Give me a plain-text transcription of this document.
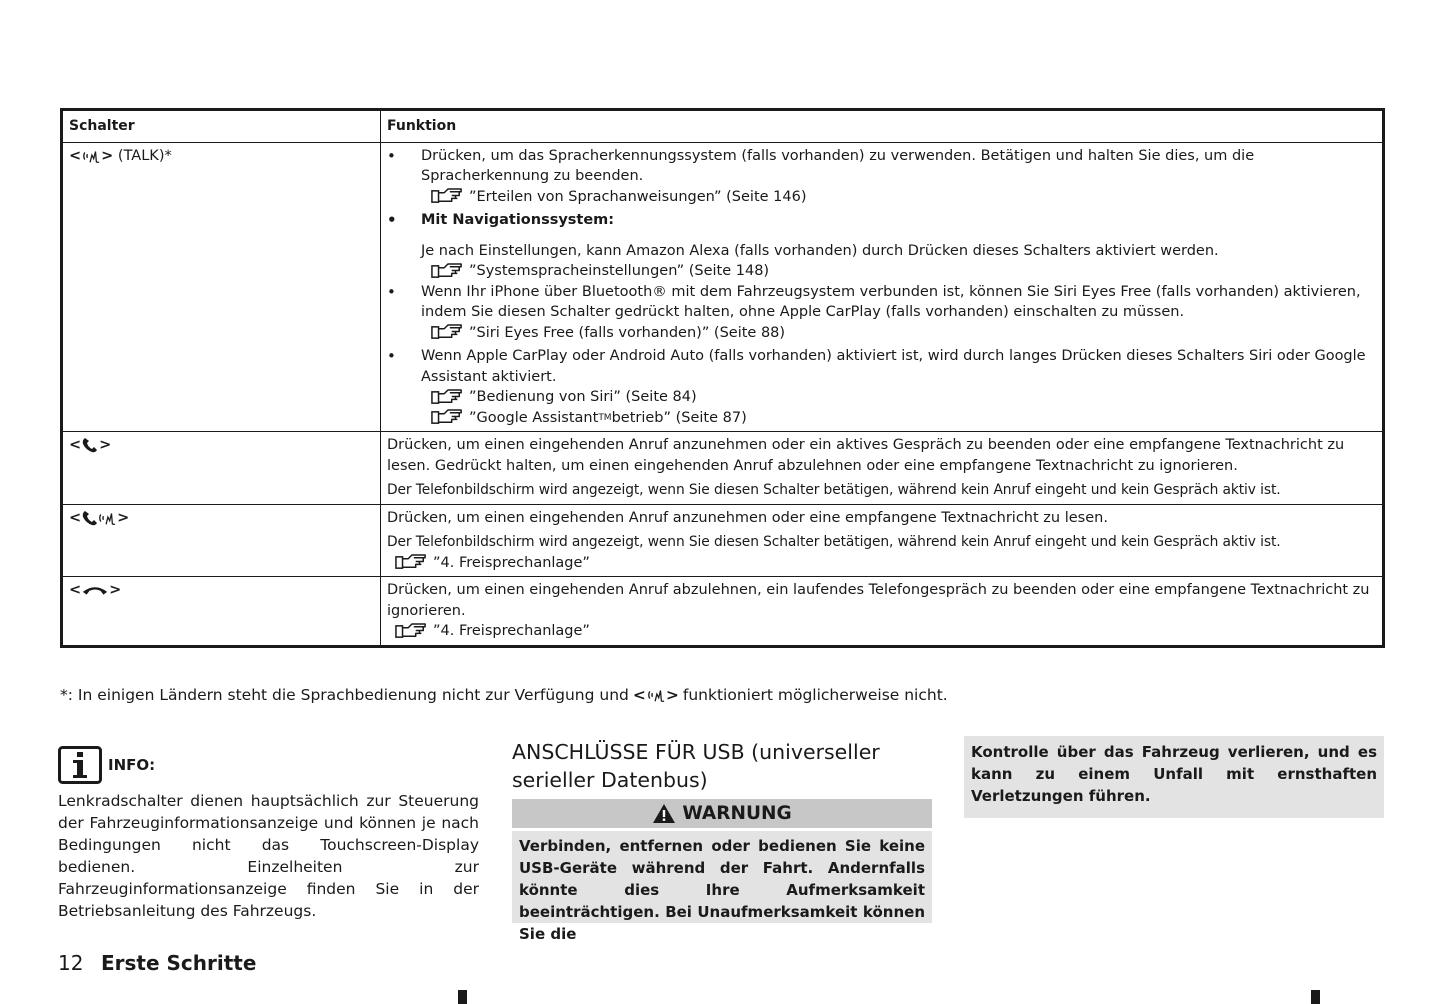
Schalter	Funktion
< > (TALK)*
•	Drücken, um das Spracherkennungssystem (falls vorhanden) zu verwenden. Betätigen und halten Sie dies, um die Spracherkennung zu beenden.
”Erteilen von Sprachanweisungen” (Seite 146)
• Mit Navigationssystem:
Je nach Einstellungen, kann Amazon Alexa (falls vorhanden) durch Drücken dieses Schalters aktiviert werden.
”Systemspracheinstellungen” (Seite 148)
• Wenn Ihr iPhone über Bluetooth® mit dem Fahrzeugsystem verbunden ist, können Sie Siri Eyes Free (falls vorhanden) aktivieren, indem Sie diesen Schalter gedrückt halten, ohne Apple CarPlay (falls vorhanden) einschalten zu müssen.
”Siri Eyes Free (falls vorhanden)” (Seite 88)
• Wenn Apple CarPlay oder Android Auto (falls vorhanden) aktiviert ist, wird durch langes Drücken dieses Schalters Siri oder Google Assistant aktiviert.
”Bedienung von Siri” (Seite 84)
”Google Assistant TM betrieb” (Seite 87)
< >	Drücken, um einen eingehenden Anruf anzunehmen oder ein aktives Gespräch zu beenden oder eine empfangene Textnachricht zu lesen. Gedrückt halten, um einen eingehenden Anruf abzulehnen oder eine empfangene Textnachricht zu ignorieren.
Der Telefonbildschirm wird angezeigt, wenn Sie diesen Schalter betätigen, während kein Anruf eingeht und kein Gespräch aktiv ist.
< >	Drücken, um einen eingehenden Anruf anzunehmen oder eine empfangene Textnachricht zu lesen.
Der Telefonbildschirm wird angezeigt, wenn Sie diesen Schalter betätigen, während kein Anruf eingeht und kein Gespräch aktiv ist.
”4. Freisprechanlage”
< >	Drücken, um einen eingehenden Anruf abzulehnen, ein laufendes Telefongespräch zu beenden oder eine empfangene Textnachricht zu ignorieren.
”4. Freisprechanlage”
*: In einigen Ländern steht die Sprachbedienung nicht zur Verfügung und < > funktioniert möglicherweise nicht.
INFO:
Lenkradschalter dienen hauptsächlich zur Steuerung der Fahrzeuginformationsanzeige und können je nach Bedingungen nicht das Touchscreen-Display bedienen. Einzelheiten zur Fahrzeuginformationsanzeige finden Sie in der Betriebsanleitung des Fahrzeugs.
ANSCHLÜSSE FÜR USB (universeller serieller Datenbus)
WARNUNG
Verbinden, entfernen oder bedienen Sie keine USB-Geräte während der Fahrt. Andernfalls könnte dies Ihre Aufmerksamkeit beeinträchtigen. Bei Unaufmerksamkeit können Sie die
Kontrolle über das Fahrzeug verlieren, und es kann zu einem Unfall mit ernsthaften Verletzungen führen.
12 Erste Schritte
